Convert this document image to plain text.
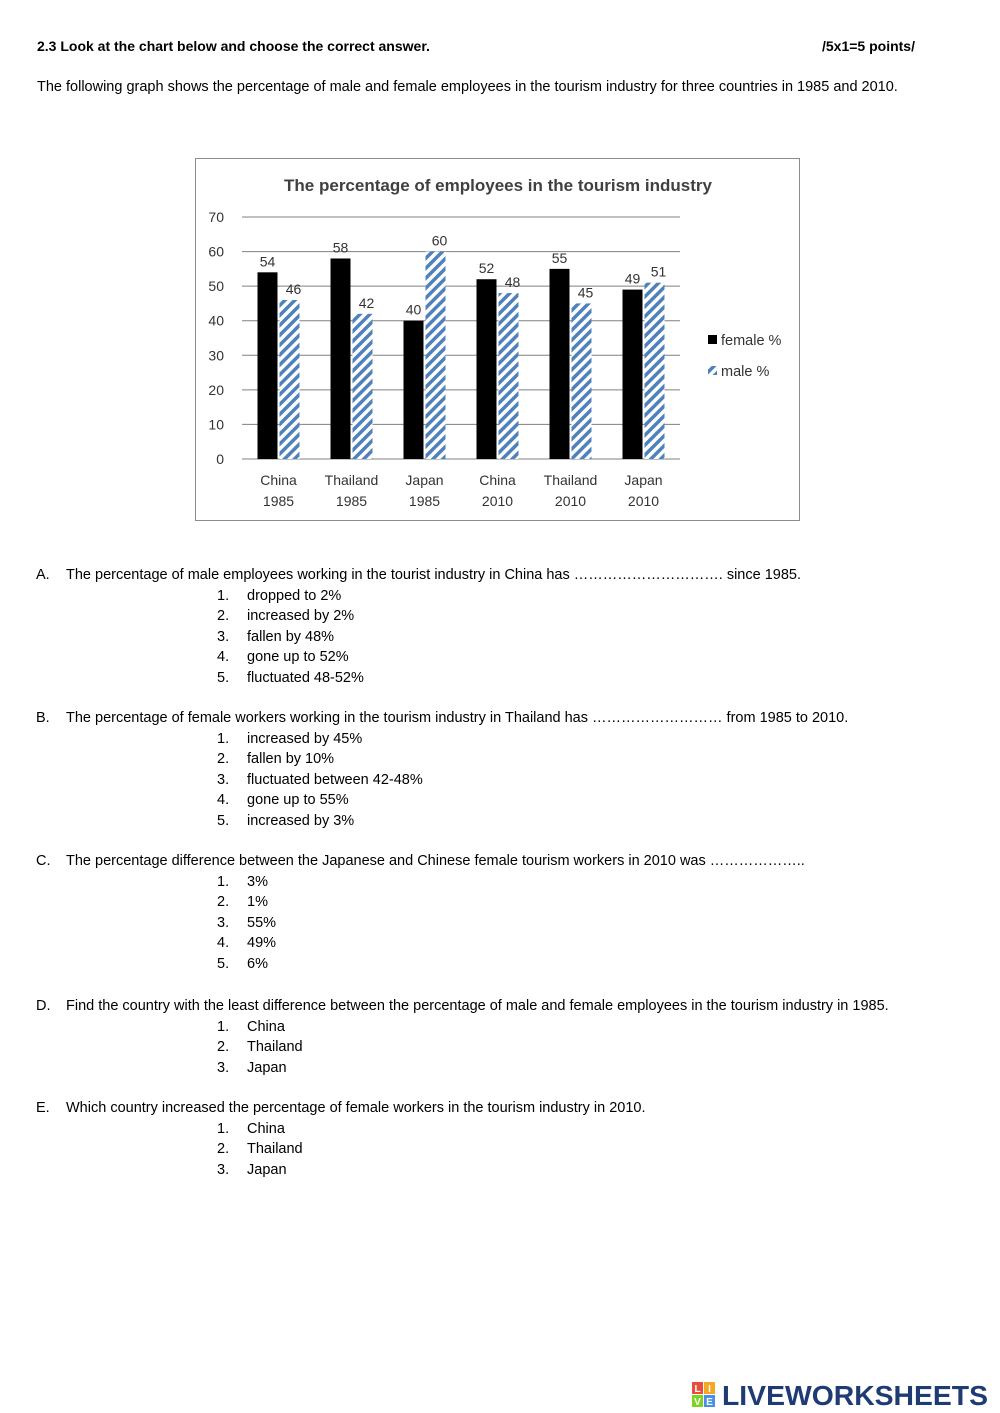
2.3 Look at the chart below and choose the correct answer.	/5x1=5 points/
The following graph shows the percentage of male and female employees in the tourism industry for three countries in 1985 and 2010.
The percentage of employees in the tourism industry
0
10
20
30
40
50
60
70
54
46
China
1985
58
42
Thailand
1985
40
60
Japan
1985
52
48
China
2010
55
45
Thailand
2010
49 51
Japan
2010
female %
male %
A. The percentage of male employees working in the tourist industry in China has …………………………. since 1985.
1. dropped to 2%
2. increased by 2%
3. fallen by 48%
4. gone up to 52%
5. fluctuated 48-52%
B. The percentage of female workers working in the tourism industry in Thailand has ……………………… from 1985 to 2010.
1. increased by 45%
2. fallen by 10%
3. fluctuated between 42-48%
4. gone up to 55%
5. increased by 3%
C. The percentage difference between the Japanese and Chinese female tourism workers in 2010 was ………………..
1. 3%
2. 1%
3. 55%
4. 49%
5. 6%
D. Find the country with the least difference between the percentage of male and female employees in the tourism industry in 1985.
1. China
2. Thailand
3. Japan
E. Which country increased the percentage of female workers in the tourism industry in 2010.
1. China
2. Thailand
3. Japan
L I
V E LIVEWORKSHEETS
